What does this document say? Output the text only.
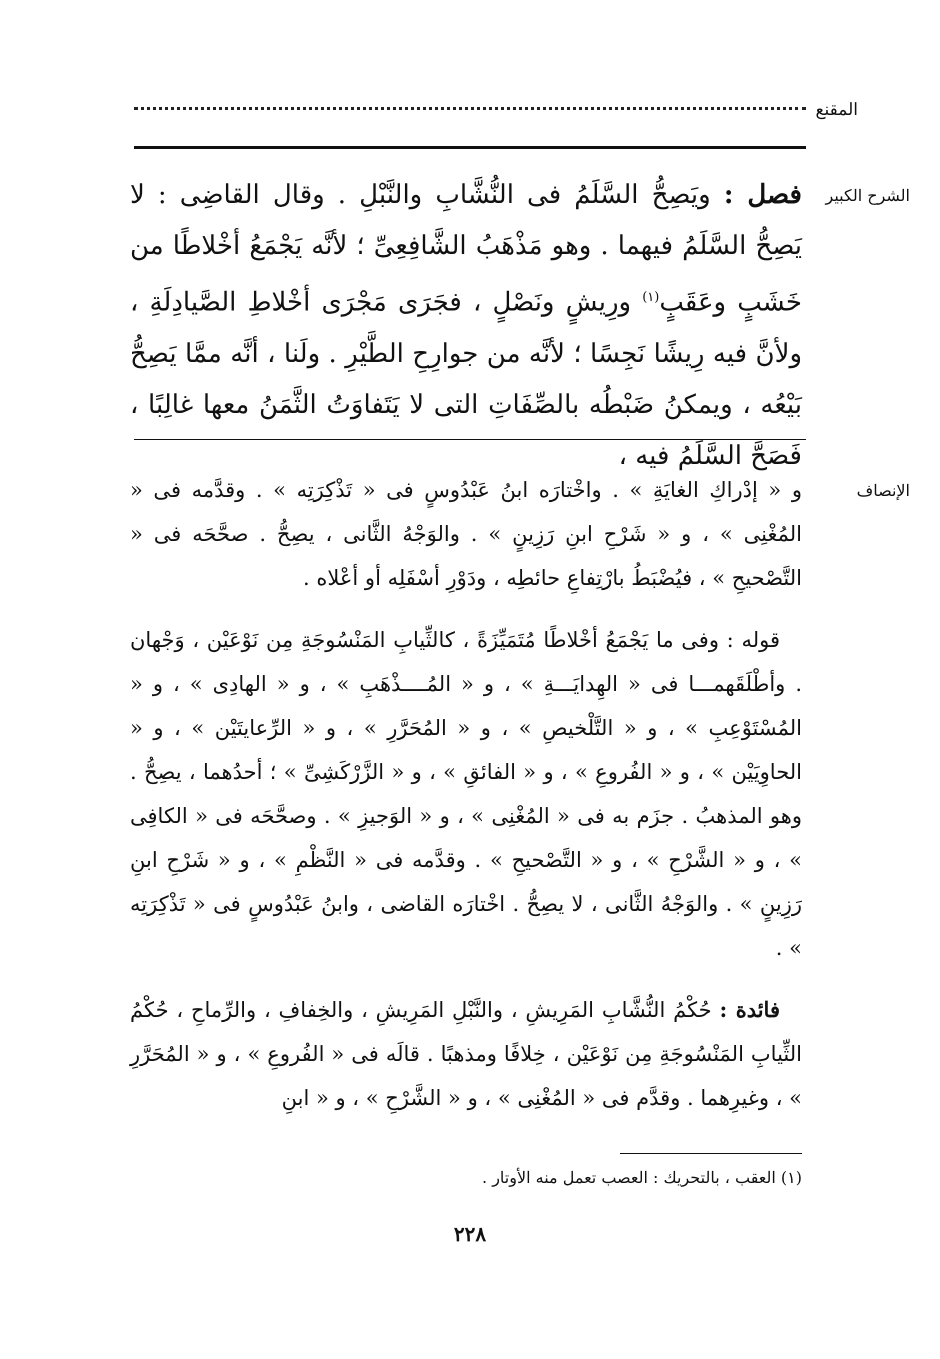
المقنع
الشرح الكبير

فصل : ويَصِحُّ السَّلَمُ فى النُّشَّابِ والنَّبْلِ . وقال القاضِى : لا يَصِحُّ السَّلَمُ فيهما . وهو مَذْهَبُ الشَّافِعِىِّ ؛ لأنَّه يَجْمَعُ أخْلاطًا من خَشَبٍ وعَقَبٍ$^{(١)}$ ورِيشٍ ونَصْلٍ ، فجَرَى مَجْرَى أخْلاطِ الصَّيادِلَةِ ، ولأنَّ فيه رِيشًا نَجِسًا ؛ لأنَّه من جوارِحِ الطَّيْرِ . ولَنا ، أنَّه ممَّا يَصِحُّ بَيْعُه ، ويمكنُ ضَبْطُه بالصِّفَاتِ التى لا يَتَفاوَتُ الثَّمَنُ معها غالِبًا ، فَصَحَّ السَّلَمُ فيه ،

الإنصاف

و « إدْراكِ الغايَةِ » . واخْتارَه ابنُ عَبْدُوسٍ فى « تَذْكِرَتِه » . وقدَّمه فى « المُغْنِى » ، و « شَرْحِ ابنِ رَزِينٍ » . والوَجْهُ الثَّانى ، يصِحُّ . صحَّحَه فى « التَّصْحيحِ » ، فيُضْبَطُ بارْتِفاعِ حائطِه ، ودَوْرِ أسْفَلِه أو أعْلاه .

قوله : وفى ما يَجْمَعُ أخْلاطًا مُتَمَيِّزَةً ، كالثِّيابِ المَنْسُوجَةِ مِن نَوْعَيْن ، وَجْهان . وأطْلَقَهمـــا فى « الهِدايَـــةِ » ، و « المُــــذْهَبِ » ، و « الهادِى » ، و « المُسْتَوْعِبِ » ، و « التَّلْخيصِ » ، و « المُحَرَّرِ » ، و « الرِّعايتَيْن » ، و « الحاوِيَيْن » ، و « الفُروعِ » ، و « الفائقِ » ، و « الزَّرْكَشِىِّ » ؛ أحدُهما ، يصِحُّ . وهو المذهبُ . جزَم به فى « المُغْنِى » ، و « الوَجيزِ » . وصحَّحَه فى « الكافِى » ، و « الشَّرْحِ » ، و « التَّصْحيحِ » . وقدَّمه فى « النَّظْمِ » ، و « شَرْحِ ابنِ رَزِينٍ » . والوَجْهُ الثَّانى ، لا يصِحُّ . اخْتارَه القاضى ، وابنُ عَبْدُوسٍ فى « تَذْكِرَتِه » .

فائدة : حُكْمُ النُّشَّابِ المَرِيشِ ، والنَّبْلِ المَرِيشِ ، والخِفافِ ، والرِّماحِ ، حُكْمُ الثِّيابِ المَنْسُوجَةِ مِن نَوْعَيْن ، خِلافًا ومذهبًا . قالَه فى « الفُروعِ » ، و « المُحَرَّرِ » ، وغيرِهما . وقدَّم فى « المُغْنِى » ، و « الشَّرْحِ » ، و « ابنِ

(١) العقب ، بالتحريك : العصب تعمل منه الأوتار .
٢٢٨
